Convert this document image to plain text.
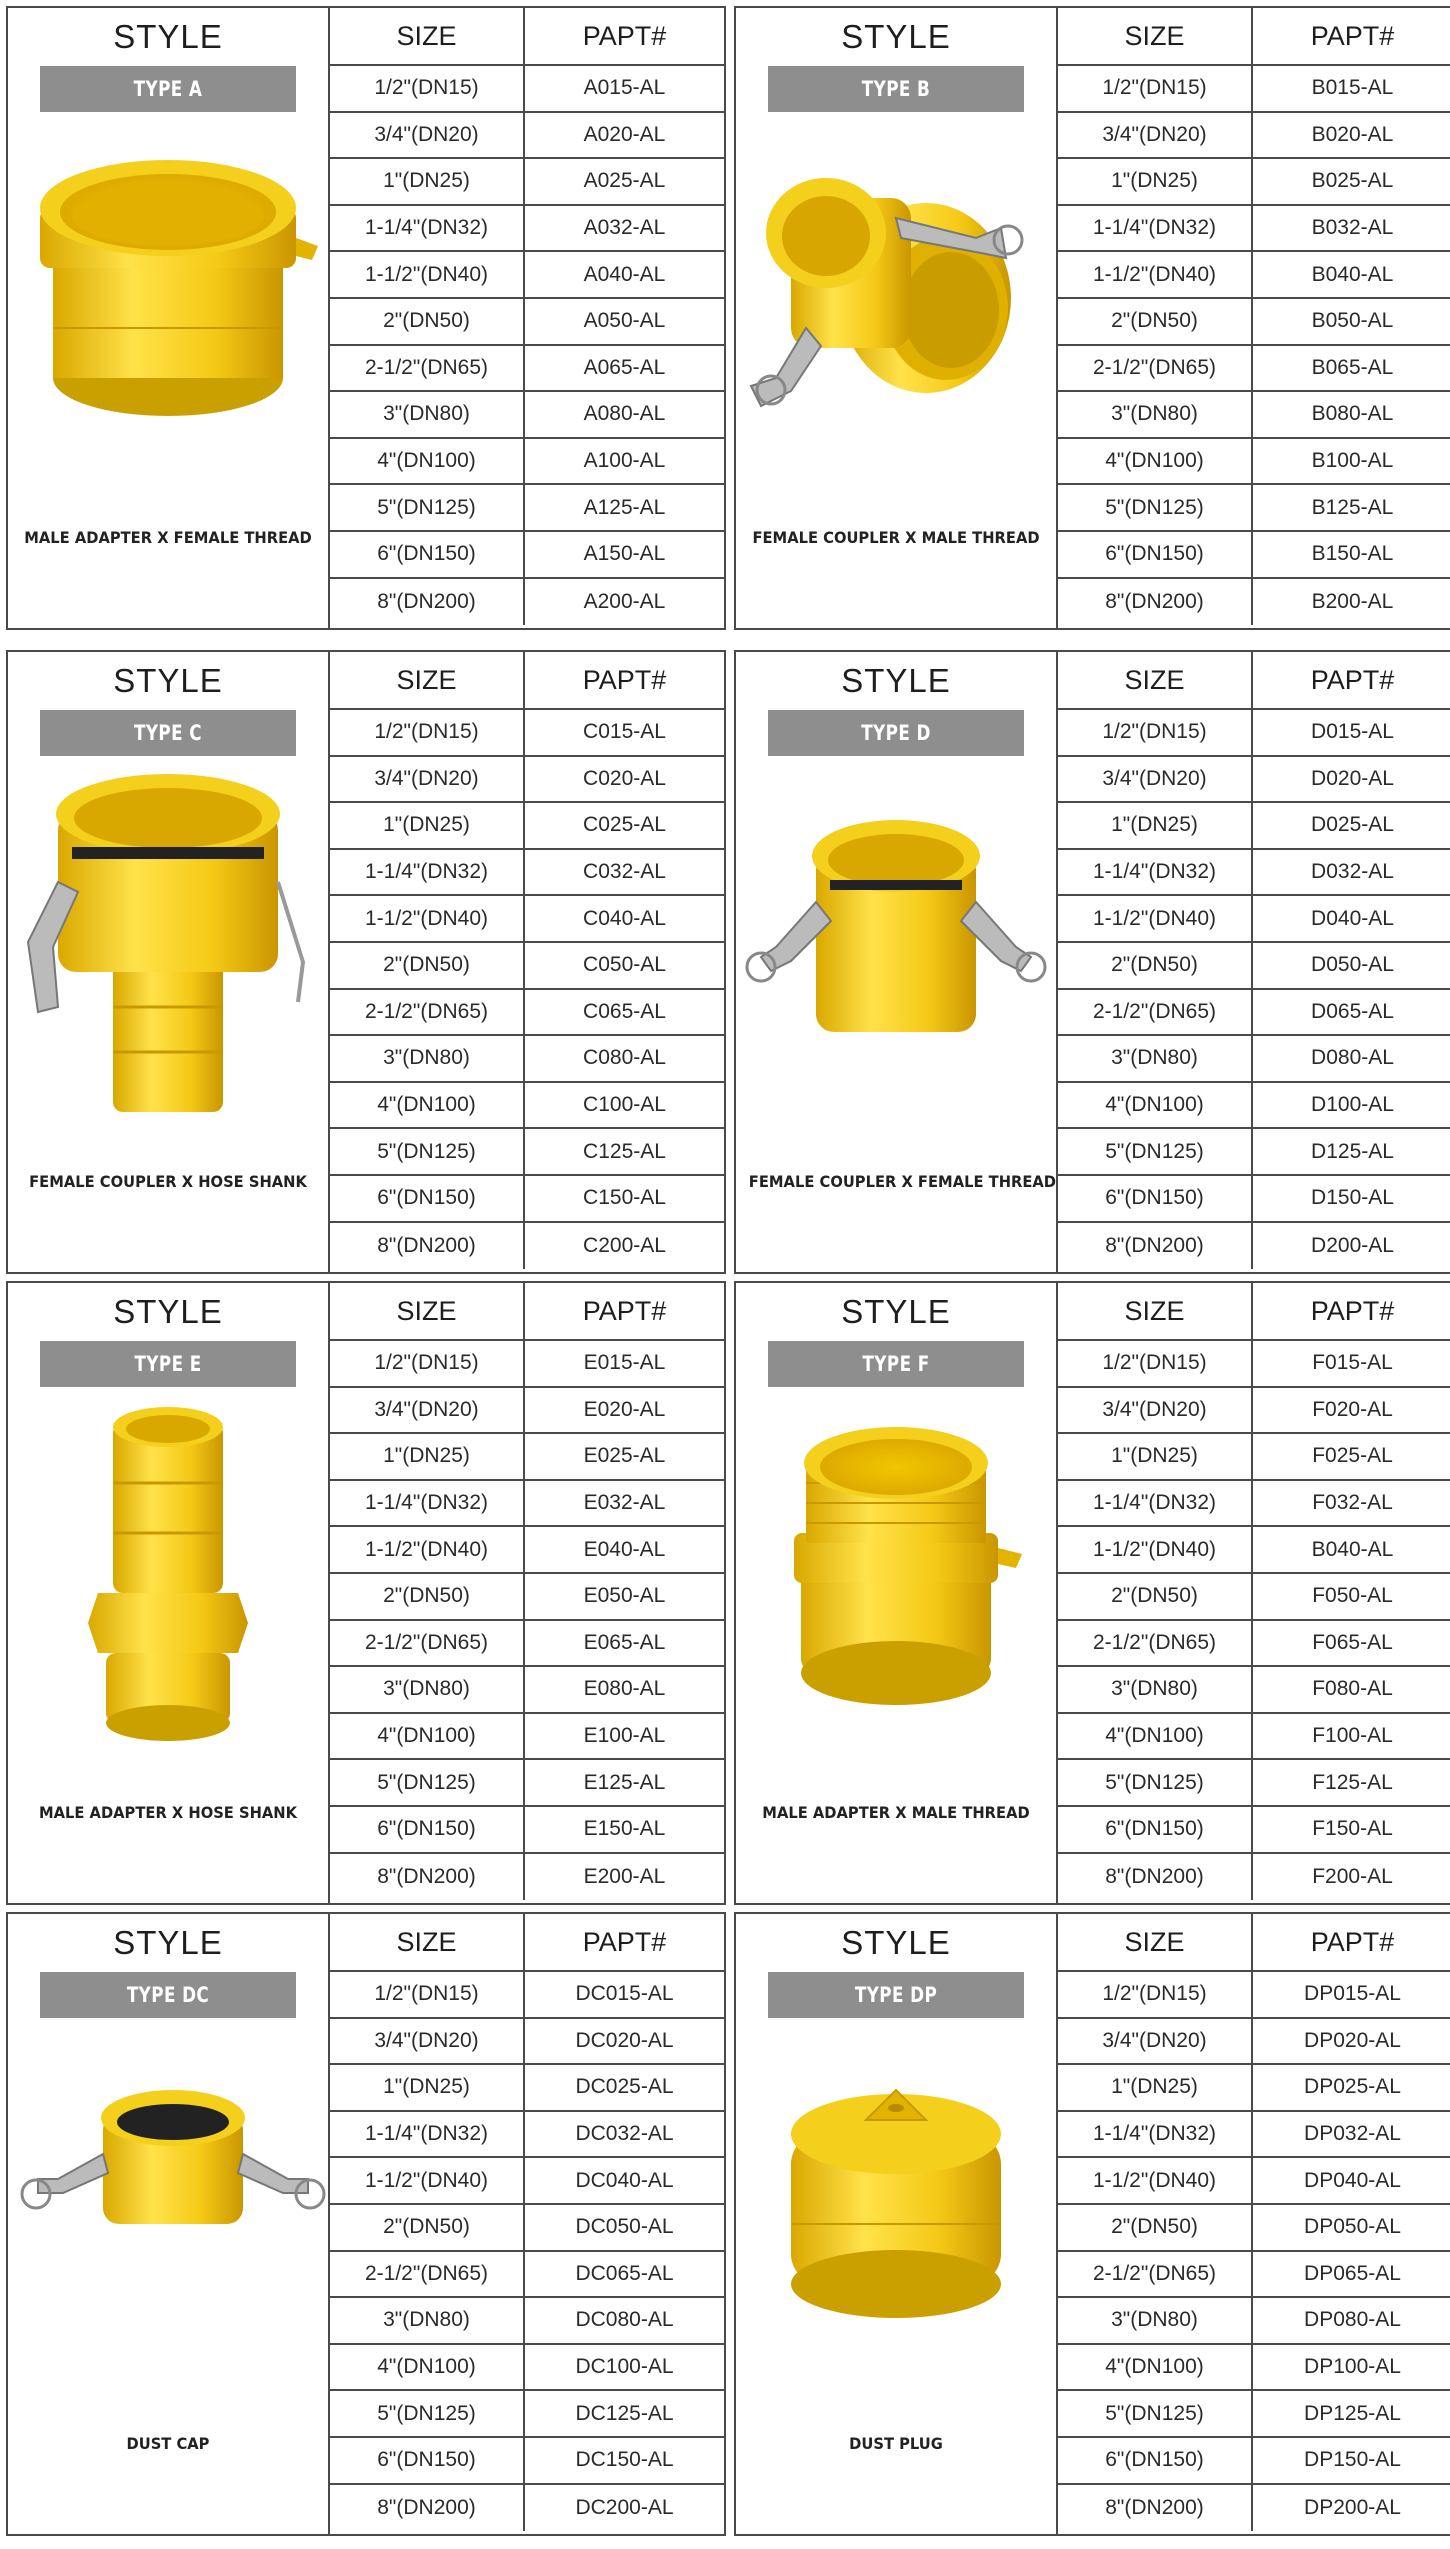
STYLE
TYPE A
MALE ADAPTER X FEMALE THREAD
SIZE	PAPT#
1/2"(DN15)	A015-AL
3/4"(DN20)	A020-AL
1"(DN25)	A025-AL
1-1/4"(DN32)	A032-AL
1-1/2"(DN40)	A040-AL
2"(DN50)	A050-AL
2-1/2"(DN65)	A065-AL
3"(DN80)	A080-AL
4"(DN100)	A100-AL
5"(DN125)	A125-AL
6"(DN150)	A150-AL
8"(DN200)	A200-AL
STYLE
TYPE B
FEMALE COUPLER X MALE THREAD
SIZE	PAPT#
1/2"(DN15)	B015-AL
3/4"(DN20)	B020-AL
1"(DN25)	B025-AL
1-1/4"(DN32)	B032-AL
1-1/2"(DN40)	B040-AL
2"(DN50)	B050-AL
2-1/2"(DN65)	B065-AL
3"(DN80)	B080-AL
4"(DN100)	B100-AL
5"(DN125)	B125-AL
6"(DN150)	B150-AL
8"(DN200)	B200-AL
STYLE
TYPE C
FEMALE COUPLER X HOSE SHANK
SIZE	PAPT#
1/2"(DN15)	C015-AL
3/4"(DN20)	C020-AL
1"(DN25)	C025-AL
1-1/4"(DN32)	C032-AL
1-1/2"(DN40)	C040-AL
2"(DN50)	C050-AL
2-1/2"(DN65)	C065-AL
3"(DN80)	C080-AL
4"(DN100)	C100-AL
5"(DN125)	C125-AL
6"(DN150)	C150-AL
8"(DN200)	C200-AL
STYLE
TYPE D
FEMALE COUPLER X FEMALE THREAD
SIZE	PAPT#
1/2"(DN15)	D015-AL
3/4"(DN20)	D020-AL
1"(DN25)	D025-AL
1-1/4"(DN32)	D032-AL
1-1/2"(DN40)	D040-AL
2"(DN50)	D050-AL
2-1/2"(DN65)	D065-AL
3"(DN80)	D080-AL
4"(DN100)	D100-AL
5"(DN125)	D125-AL
6"(DN150)	D150-AL
8"(DN200)	D200-AL
STYLE
TYPE E
MALE ADAPTER X HOSE SHANK
SIZE	PAPT#
1/2"(DN15)	E015-AL
3/4"(DN20)	E020-AL
1"(DN25)	E025-AL
1-1/4"(DN32)	E032-AL
1-1/2"(DN40)	E040-AL
2"(DN50)	E050-AL
2-1/2"(DN65)	E065-AL
3"(DN80)	E080-AL
4"(DN100)	E100-AL
5"(DN125)	E125-AL
6"(DN150)	E150-AL
8"(DN200)	E200-AL
STYLE
TYPE F
MALE ADAPTER X MALE THREAD
SIZE	PAPT#
1/2"(DN15)	F015-AL
3/4"(DN20)	F020-AL
1"(DN25)	F025-AL
1-1/4"(DN32)	F032-AL
1-1/2"(DN40)	B040-AL
2"(DN50)	F050-AL
2-1/2"(DN65)	F065-AL
3"(DN80)	F080-AL
4"(DN100)	F100-AL
5"(DN125)	F125-AL
6"(DN150)	F150-AL
8"(DN200)	F200-AL
STYLE
TYPE DC
DUST CAP
SIZE	PAPT#
1/2"(DN15)	DC015-AL
3/4"(DN20)	DC020-AL
1"(DN25)	DC025-AL
1-1/4"(DN32)	DC032-AL
1-1/2"(DN40)	DC040-AL
2"(DN50)	DC050-AL
2-1/2"(DN65)	DC065-AL
3"(DN80)	DC080-AL
4"(DN100)	DC100-AL
5"(DN125)	DC125-AL
6"(DN150)	DC150-AL
8"(DN200)	DC200-AL
STYLE
TYPE DP
DUST PLUG
SIZE	PAPT#
1/2"(DN15)	DP015-AL
3/4"(DN20)	DP020-AL
1"(DN25)	DP025-AL
1-1/4"(DN32)	DP032-AL
1-1/2"(DN40)	DP040-AL
2"(DN50)	DP050-AL
2-1/2"(DN65)	DP065-AL
3"(DN80)	DP080-AL
4"(DN100)	DP100-AL
5"(DN125)	DP125-AL
6"(DN150)	DP150-AL
8"(DN200)	DP200-AL
